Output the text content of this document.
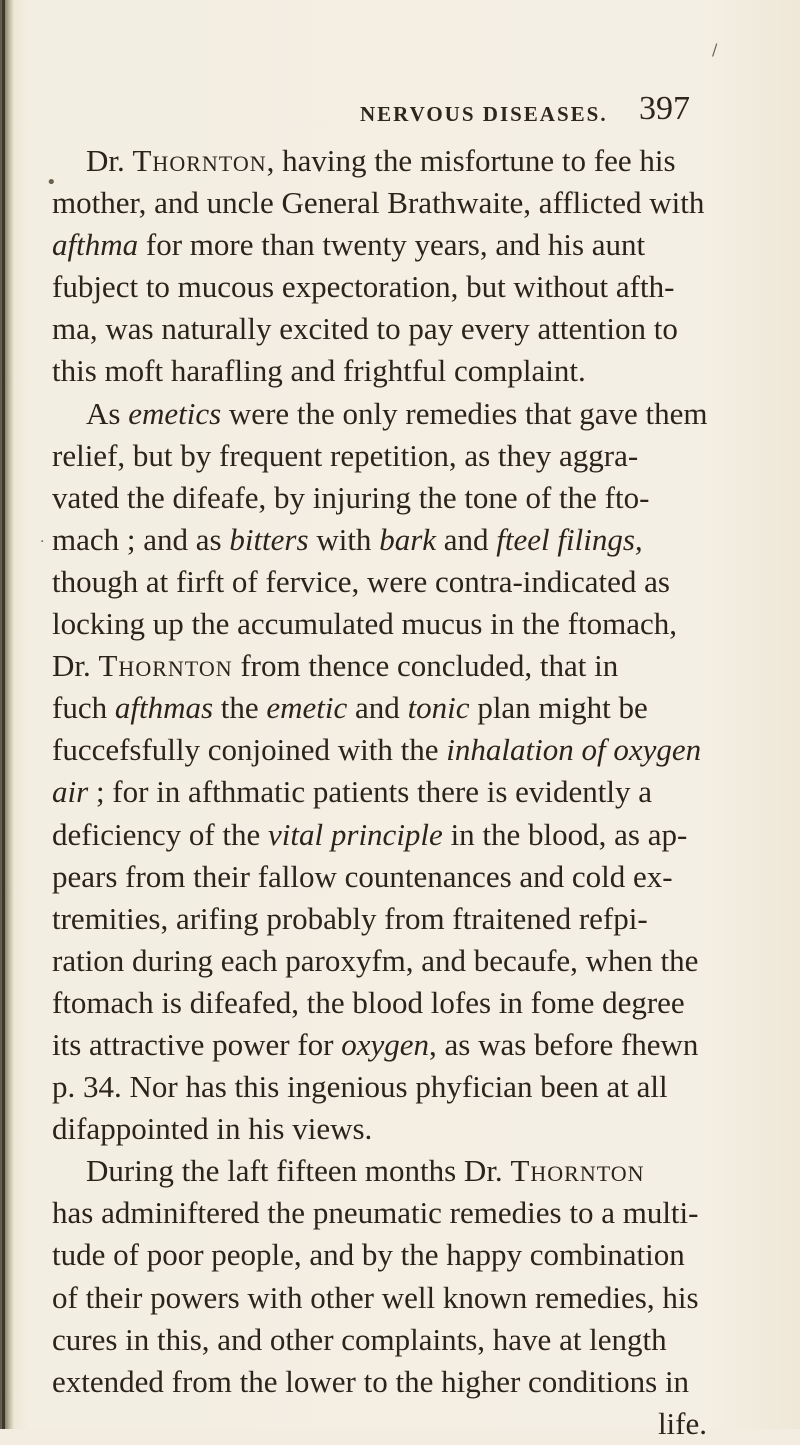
NERVOUS DISEASES. 397
Dr. Thornton, having the misfortune to fee his
mother, and uncle General Brathwaite, afflicted with
afthma for more than twenty years, and his aunt
fubject to mucous expectoration, but without afth-
ma, was naturally excited to pay every attention to
this moft harafling and frightful complaint.
As emetics were the only remedies that gave them
relief, but by frequent repetition, as they aggra-
vated the difeafe, by injuring the tone of the fto-
mach ; and as bitters with bark and fteel filings,
though at firft of fervice, were contra-indicated as
locking up the accumulated mucus in the ftomach,
Dr. Thornton from thence concluded, that in
fuch afthmas the emetic and tonic plan might be
fuccefsfully conjoined with the inhalation of oxygen
air ; for in afthmatic patients there is evidently a
deficiency of the vital principle in the blood, as ap-
pears from their fallow countenances and cold ex-
tremities, arifing probably from ftraitened refpi-
ration during each paroxyfm, and becaufe, when the
ftomach is difeafed, the blood lofes in fome degree
its attractive power for oxygen, as was before fhewn
p. 34. Nor has this ingenious phyfician been at all
difappointed in his views.
During the laft fifteen months Dr. Thornton
has adminiftered the pneumatic remedies to a multi-
tude of poor people, and by the happy combination
of their powers with other well known remedies, his
cures in this, and other complaints, have at length
extended from the lower to the higher conditions in
life.
•
·
/
